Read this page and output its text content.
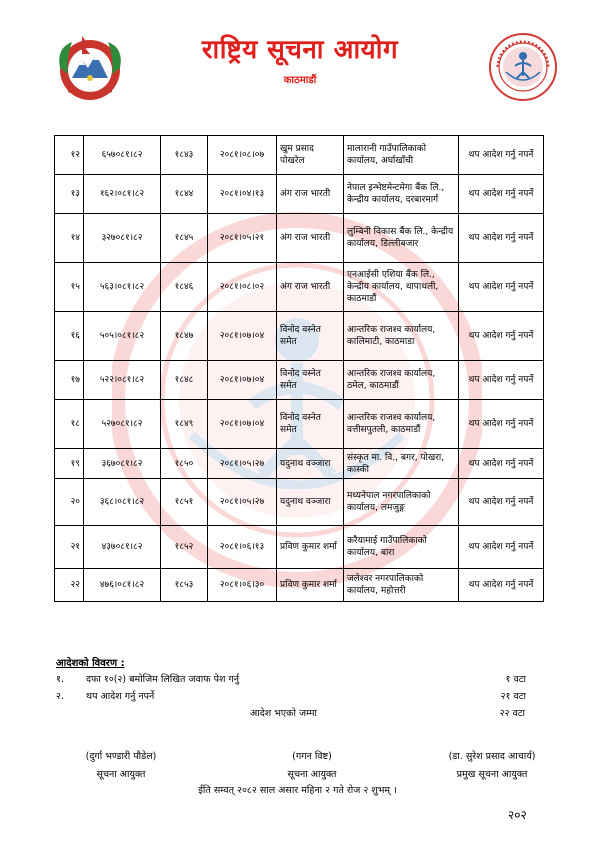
राष्ट्रिय सूचना आयोग
काठमाडौं
१२	६५७०८१।८२	१८४३	२०८१।०८।०७	खुम प्रसाद पोखरेल	मालारानी गाउँपालिकाको कार्यालय, अर्घाखाँची	थप आदेश गर्नु नपर्ने
१३	१६२।०८१।८२	१८४४	२०८१।०४।१३	अंग राज भारती	नेपाल इन्भेष्टमेन्टमेगा बैंक लि., केन्द्रीय कार्यालय, दरबारमार्ग	थप आदेश गर्नु नपर्ने
१४	३२७०८१।८२	१८४५	२०८१।०५।२१	अंग राज भारती	लुम्बिनी विकास बैंक लि., केन्द्रीय कार्यालय, डिल्लीबजार	थप आदेश गर्नु नपर्ने
१५	५६३।०८१।८२	१८४६	२०८१।०८।०२	अंग राज भारती	एनआईसी एशिया बैंक लि., केन्द्रीय कार्यालय, थापाथली, काठमाडौं	थप आदेश गर्नु नपर्ने
१६	५०५।०८१।८२	१८४७	२०८१।०७।०४	विनोद वस्नेत समेत	आन्तरिक राजश्व कार्यालय, कालिमाटी, काठमाडा	थप आदेश गर्नु नपर्ने
१७	५२२।०८१।८२	१८४८	२०८१।०७।०४	विनोद वस्नेत समेत	आन्तरिक राजश्व कार्यालय, ठमेल, काठमाडौं	थप आदेश गर्नु नपर्ने
१८	५२७०८१।८२	१८४९	२०८१।०७।०४	विनोद वस्नेत समेत	आन्तरिक राजश्व कार्यालय, वत्तीसपुतली, काठमाडौं	थप आदेश गर्नु नपर्ने
१९	३६७०८१।८२	१८५०	२०८१।०५।२७	यदुनाथ वञ्जारा	संस्कृत मा. वि., बगर, पोखरा, कास्की	थप आदेश गर्नु नपर्ने
२०	३६८।०८१।८२	१८५१	२०८१।०५।२७	यदुनाथ वञ्जारा	मध्यनेपाल नगरपालिकाको कार्यालय, लमजुङ्ग	थप आदेश गर्नु नपर्ने
२१	४३७०८१।८२	१८५२	२०८१।०६।१३	प्रविण कुमार शर्मा	करैयामाई गाउँपालिकाको कार्यालय, बारा	थप आदेश गर्नु नपर्ने
२२	४७६।०८१।८२	१८५३	२०८१।०६।३०	प्रविण कुमार शर्मा	जलेश्वर नगरपालिकाको कार्यालय, महोत्तरी	थप आदेश गर्नु नपर्ने
आदेशको विवरण :
१. दफा १०(२) बमोजिम लिखित जवाफ पेश गर्नु	१ वटा
२. थप आदेश गर्नु नपर्ने	२१ वटा
आदेश भएको जम्मा	२२ वटा
(दुर्गा भण्डारी पौडेल)
सूचना आयुक्त
(गगन विष्ट)
सूचना आयुक्त
(डा. सुरेश प्रसाद आचार्य)
प्रमुख सूचना आयुक्त
ईति सम्वत् २०८२ साल असार महिना २ गते रोज २ शुभम् ।
२०२
